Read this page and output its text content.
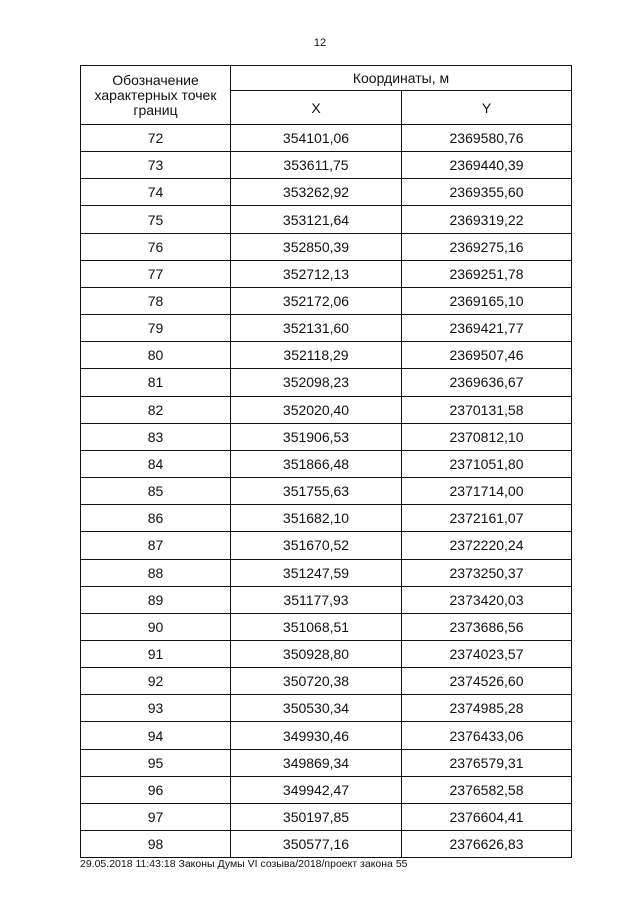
12
Обозначение характерных точек границ	Координаты, м	
	X	Y
72	354101,06	2369580,76
73	353611,75	2369440,39
74	353262,92	2369355,60
75	353121,64	2369319,22
76	352850,39	2369275,16
77	352712,13	2369251,78
78	352172,06	2369165,10
79	352131,60	2369421,77
80	352118,29	2369507,46
81	352098,23	2369636,67
82	352020,40	2370131,58
83	351906,53	2370812,10
84	351866,48	2371051,80
85	351755,63	2371714,00
86	351682,10	2372161,07
87	351670,52	2372220,24
88	351247,59	2373250,37
89	351177,93	2373420,03
90	351068,51	2373686,56
91	350928,80	2374023,57
92	350720,38	2374526,60
93	350530,34	2374985,28
94	349930,46	2376433,06
95	349869,34	2376579,31
96	349942,47	2376582,58
97	350197,85	2376604,41
98	350577,16	2376626,83
29.05.2018 11:43:18 Законы Думы VI созыва/2018/проект закона 55
